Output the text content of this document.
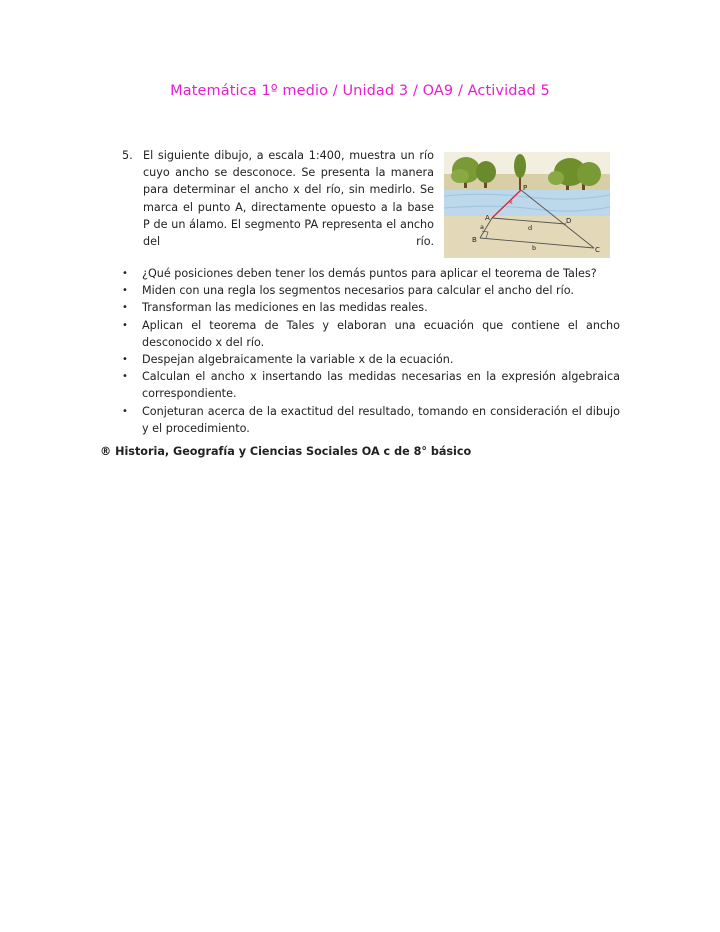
Matemática 1º medio / Unidad 3 / OA9 / Actividad 5
5. El siguiente dibujo, a escala 1:400, muestra un río cuyo ancho se desconoce. Se presenta la manera para determinar el ancho x del río, sin medirlo. Se marca el punto A, directamente opuesto a la base P de un álamo. El segmento PA representa el ancho del río.
P
A
B
C
D
x
a	d
b
•	¿Qué posiciones deben tener los demás puntos para aplicar el teorema de Tales?
•	Miden con una regla los segmentos necesarios para calcular el ancho del río.
•	Transforman las mediciones en las medidas reales.
•	Aplican el teorema de Tales y elaboran una ecuación que contiene el ancho desconocido x del río.
•	Despejan algebraicamente la variable x de la ecuación.
•	Calculan el ancho x insertando las medidas necesarias en la expresión algebraica correspondiente.
•	Conjeturan acerca de la exactitud del resultado, tomando en consideración el dibujo y el procedimiento.
® Historia, Geografía y Ciencias Sociales OA c de 8° básico
